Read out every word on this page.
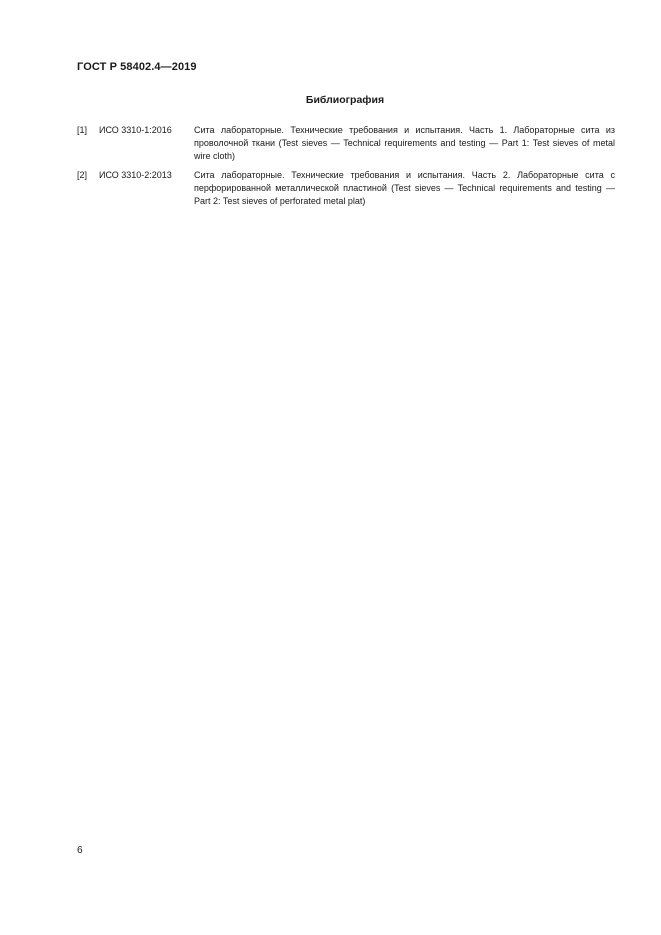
ГОСТ Р 58402.4—2019
Библиография
[1]	ИСО 3310-1:2016	Сита лабораторные. Технические требования и испытания. Часть 1. Лабораторные сита из проволочной ткани (Test sieves — Technical requirements and testing — Part 1: Test sieves of metal wire cloth)
[2]	ИСО 3310-2:2013	Сита лабораторные. Технические требования и испытания. Часть 2. Лабораторные сита с перфорированной металлической пластиной (Test sieves — Technical requirements and testing — Part 2: Test sieves of perforated metal plat)
6
